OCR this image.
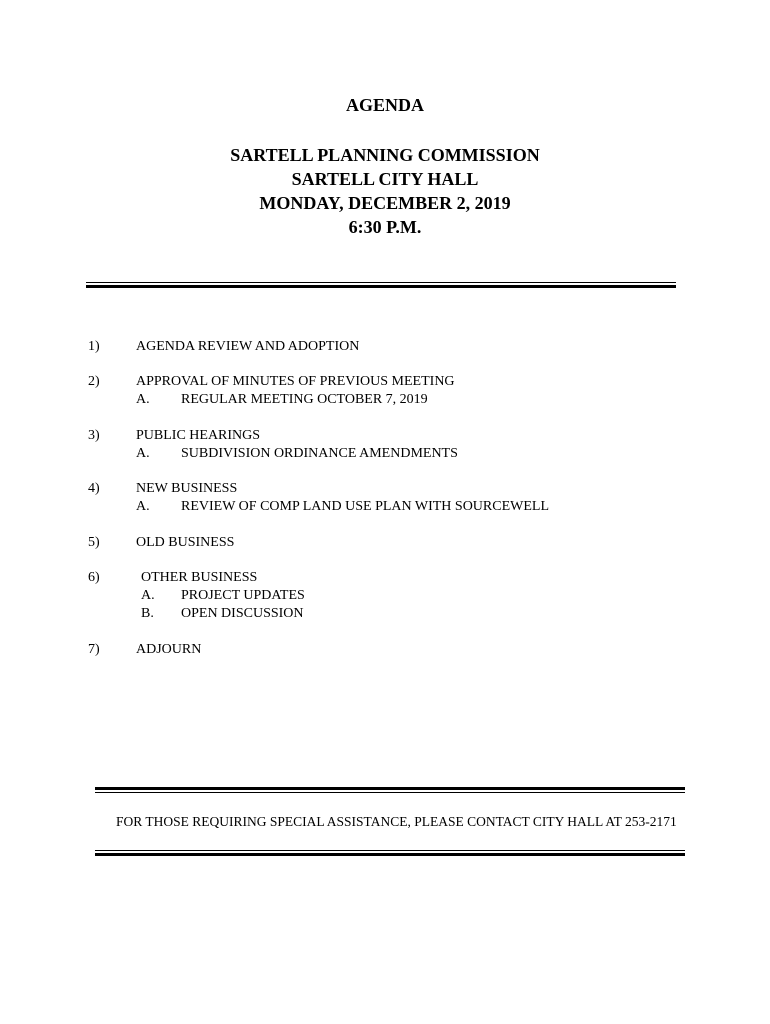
AGENDA
SARTELL PLANNING COMMISSION
SARTELL CITY HALL
MONDAY, DECEMBER 2, 2019
6:30 P.M.
1)	AGENDA REVIEW AND ADOPTION
2)	APPROVAL OF MINUTES OF PREVIOUS MEETING
A. REGULAR MEETING OCTOBER 7, 2019
3)	PUBLIC HEARINGS
A. SUBDIVISION ORDINANCE AMENDMENTS
4)	NEW BUSINESS
A. REVIEW OF COMP LAND USE PLAN WITH SOURCEWELL
5)	OLD BUSINESS
6)	OTHER BUSINESS
A. PROJECT UPDATES
B. OPEN DISCUSSION
7)	ADJOURN
FOR THOSE REQUIRING SPECIAL ASSISTANCE, PLEASE CONTACT CITY HALL AT 253-2171
